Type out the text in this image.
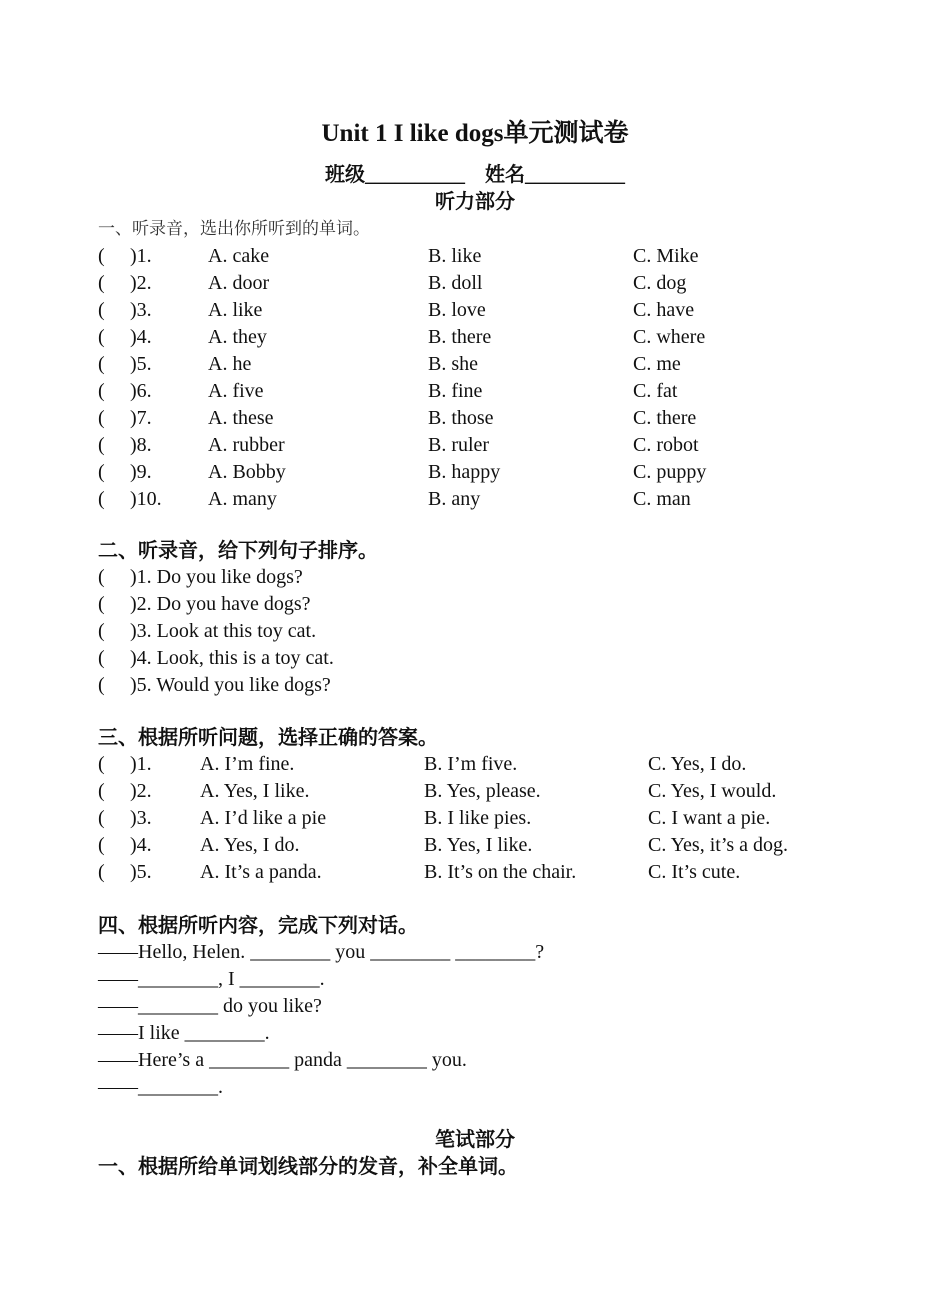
Unit 1 I like dogs单元测试卷
班级__________ 姓名__________
听力部分
一、听录音，选出你所听到的单词。
( )1.	A. cake	B. like	C. Mike
( )2.	A. door	B. doll	C. dog
( )3.	A. like	B. love	C. have
( )4.	A. they	B. there	C. where
( )5.	A. he	B. she	C. me
( )6.	A. five	B. fine	C. fat
( )7.	A. these	B. those	C. there
( )8.	A. rubber	B. ruler	C. robot
( )9.	A. Bobby	B. happy	C. puppy
( )10. A. many	B. any	C. man
二、听录音，给下列句子排序。
( )1. Do you like dogs?
( )2. Do you have dogs?
( )3. Look at this toy cat.
( )4. Look, this is a toy cat.
( )5. Would you like dogs?
三、根据所听问题，选择正确的答案。
( )1. A. I’m fine.	B. I’m five.	C. Yes, I do.
( )2. A. Yes, I like.	B. Yes, please.	C. Yes, I would.
( )3. A. I’d like a pie	B. I like pies.	C. I want a pie.
( )4. A. Yes, I do.	B. Yes, I like.	C. Yes, it’s a dog.
( )5. A. It’s a panda.	B. It’s on the chair.	C. It’s cute.
四、根据所听内容，完成下列对话。
——Hello, Helen. ________ you ________ ________?
——________, I ________.
——________ do you like?
——I like ________.
——Here’s a ________ panda ________ you.
——________.
笔试部分
一、根据所给单词划线部分的发音，补全单词。
